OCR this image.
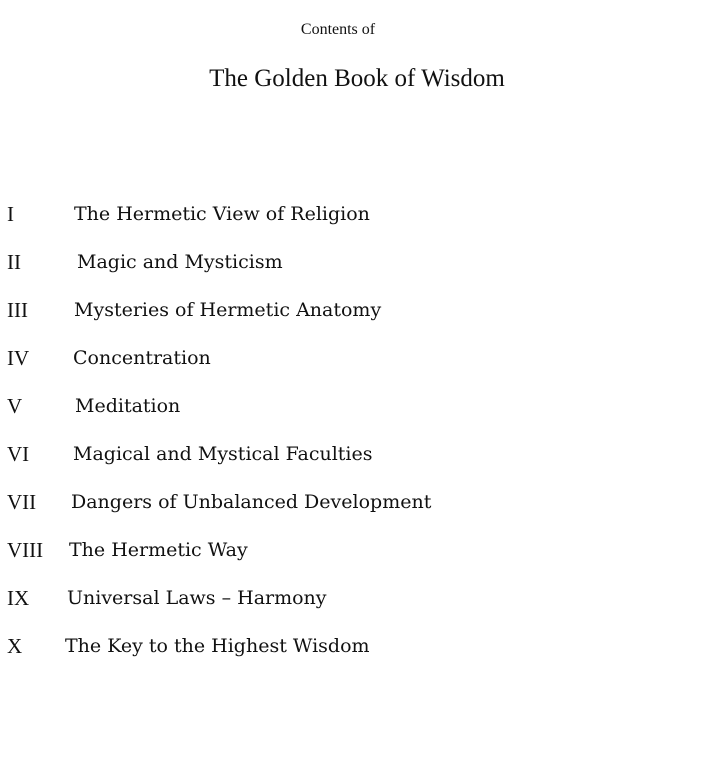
Contents of
The Golden Book of Wisdom
I	The Hermetic View of Religion
II	Magic and Mysticism
III Mysteries of Hermetic Anatomy
IV Concentration
V	Meditation
VI Magical and Mystical Faculties
VII Dangers of Unbalanced Development
VIII The Hermetic Way
IX Universal Laws – Harmony
X The Key to the Highest Wisdom
